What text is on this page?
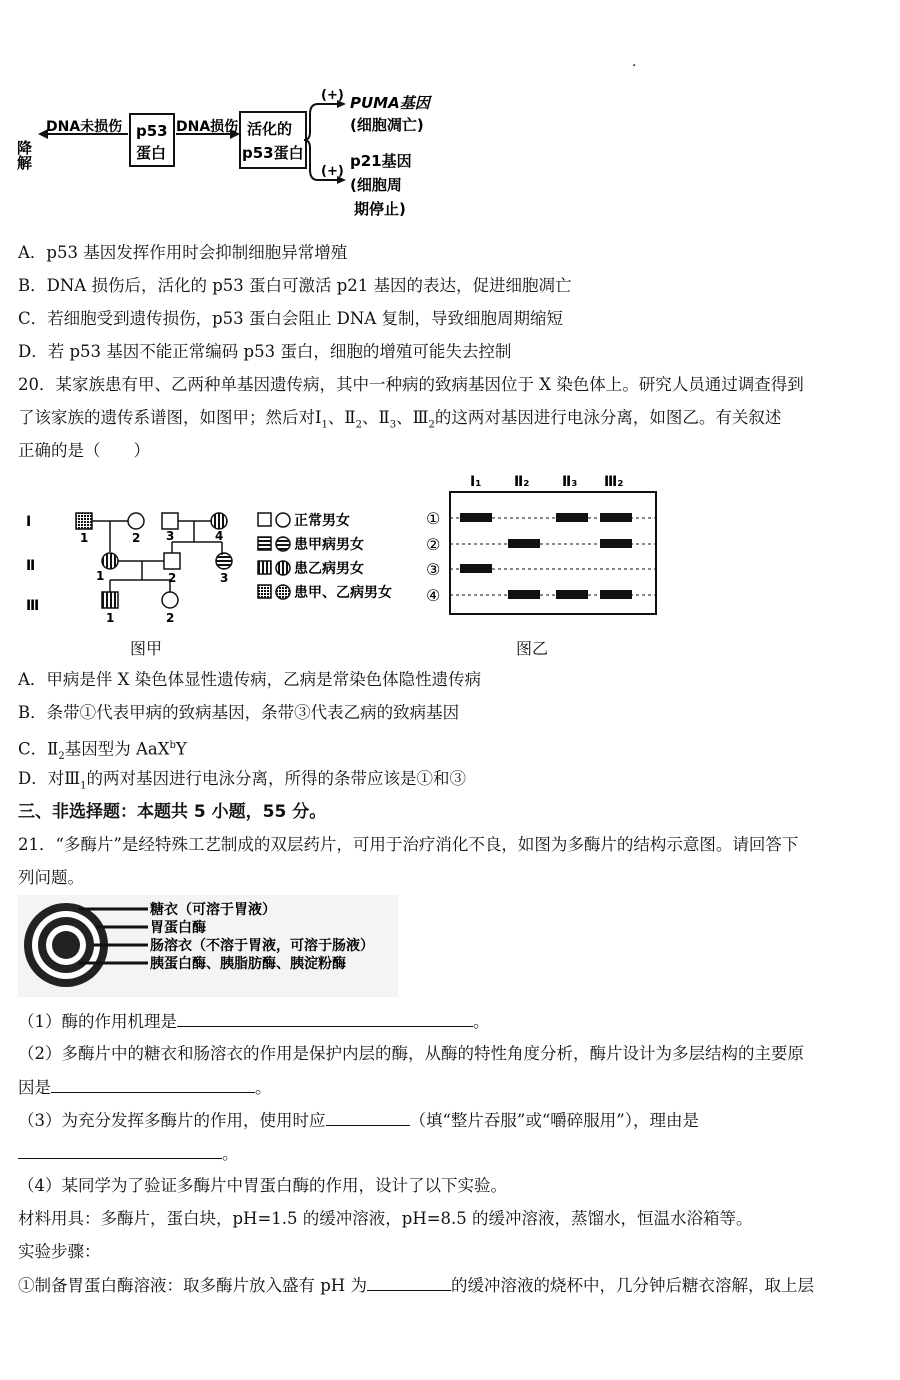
·
降解
DNA未损伤 p53
蛋白
DNA损伤 活化的
p53蛋白
(+)
(+)
PUMA基因
(细胞凋亡)
p21基因
(细胞周
期停止)
A．p53 基因发挥作用时会抑制细胞异常增殖
B．DNA 损伤后，活化的 p53 蛋白可激活 p21 基因的表达，促进细胞凋亡
C．若细胞受到遗传损伤，p53 蛋白会阻止 DNA 复制，导致细胞周期缩短
D．若 p53 基因不能正常编码 p53 蛋白，细胞的增殖可能失去控制
20．某家族患有甲、乙两种单基因遗传病，其中一种病的致病基因位于 X 染色体上。研究人员通过调查得到
了该家族的遗传系谱图，如图甲；然后对$Ⅰ_1$、$Ⅱ_2$、$Ⅱ_3$、$Ⅲ_2$的这两对基因进行电泳分离，如图乙。有关叙述
正确的是（　　）
Ⅰ
Ⅱ
Ⅲ
1	2 3	4
1	2	3
1	2
正常男女
患甲病男女
患乙病男女
患甲、乙病男女
图甲
Ⅰ₁ Ⅱ₂ Ⅱ₃ Ⅲ₂
①
②
③
④
图乙
A．甲病是伴 X 染色体显性遗传病，乙病是常染色体隐性遗传病
B．条带①代表甲病的致病基因，条带③代表乙病的致病基因
C．$Ⅱ_2$基因型为 AaX$^b$Y
D．对$Ⅲ_1$的两对基因进行电泳分离，所得的条带应该是①和③
三、非选择题：本题共 5 小题，55 分。
21．“多酶片”是经特殊工艺制成的双层药片，可用于治疗消化不良，如图为多酶片的结构示意图。请回答下
列问题。
糖衣（可溶于胃液）
胃蛋白酶
肠溶衣（不溶于胃液，可溶于肠液）
胰蛋白酶、胰脂肪酶、胰淀粉酶
（1）酶的作用机理是	。
（2）多酶片中的糖衣和肠溶衣的作用是保护内层的酶，从酶的特性角度分析，酶片设计为多层结构的主要原
因是	。
（3）为充分发挥多酶片的作用，使用时应	（填“整片吞服”或“嚼碎服用”），理由是
。
（4）某同学为了验证多酶片中胃蛋白酶的作用，设计了以下实验。
材料用具：多酶片，蛋白块，pH=1.5 的缓冲溶液，pH=8.5 的缓冲溶液，蒸馏水，恒温水浴箱等。
实验步骤：
①制备胃蛋白酶溶液：取多酶片放入盛有 pH 为	的缓冲溶液的烧杯中，几分钟后糖衣溶解，取上层
